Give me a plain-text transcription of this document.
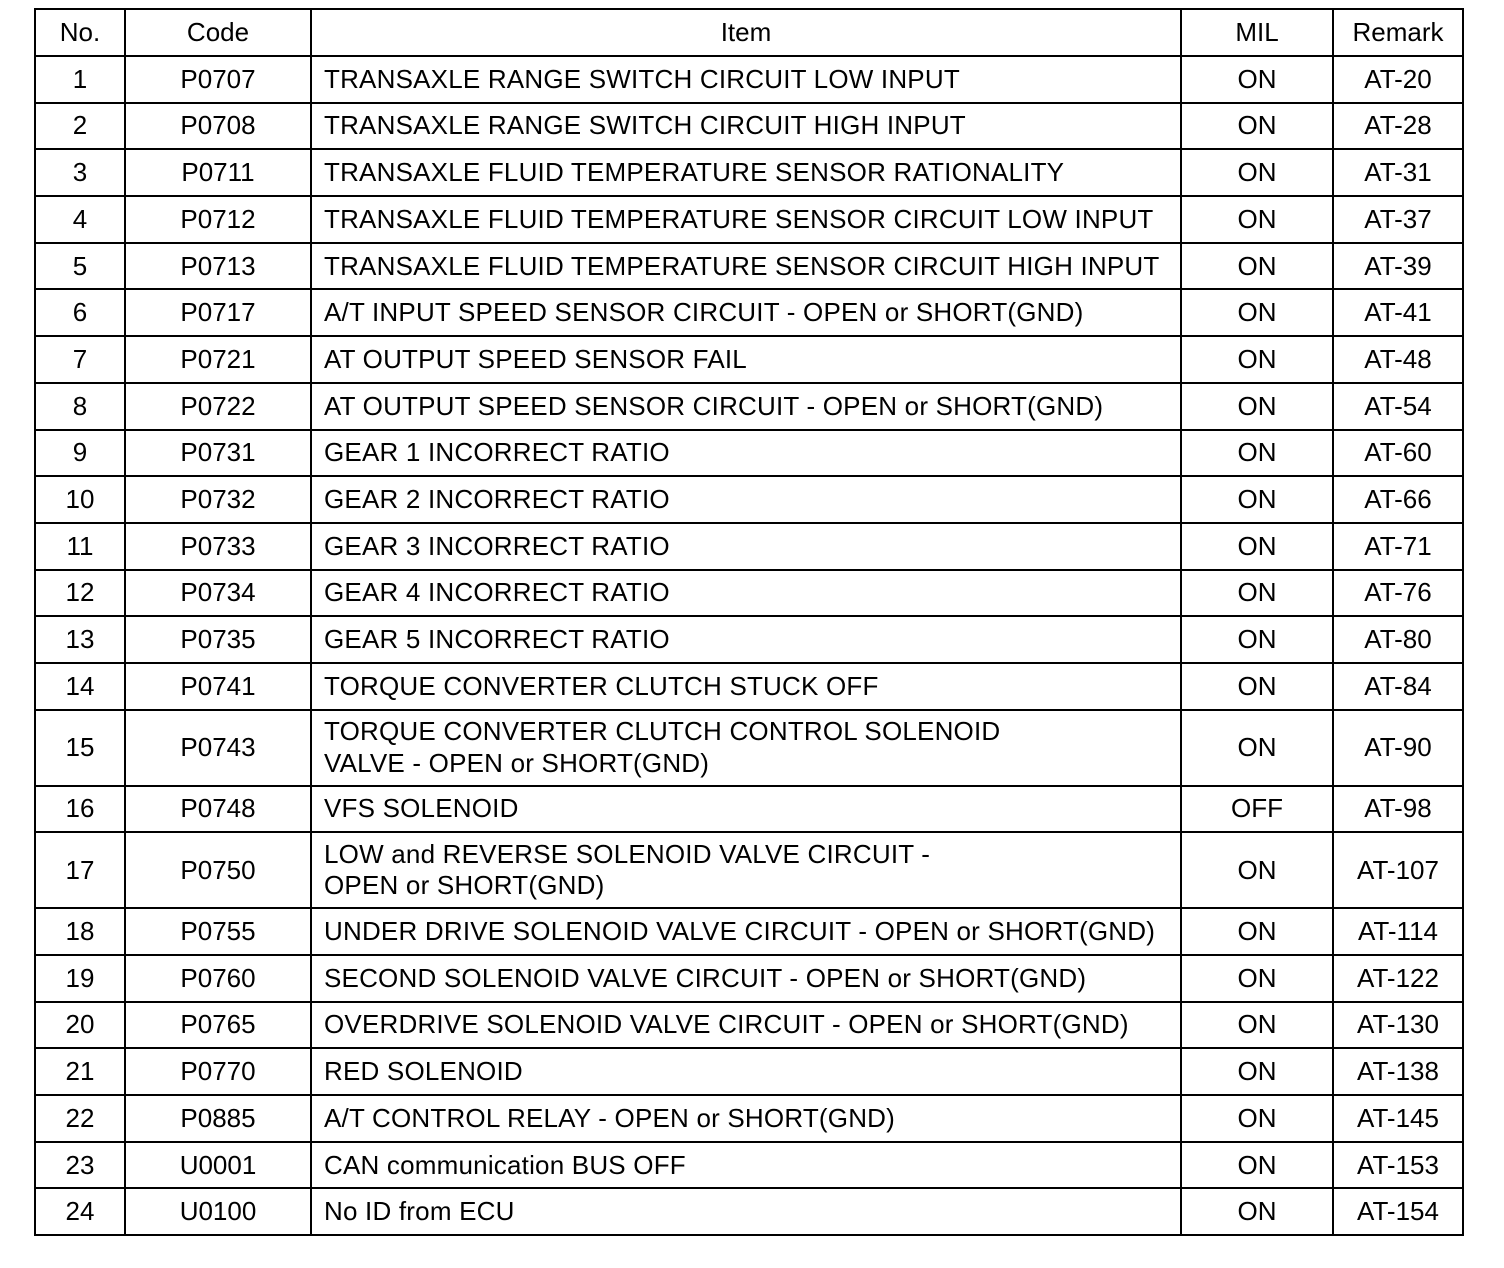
No.	Code	Item	MIL	Remark
1	P0707	TRANSAXLE RANGE SWITCH CIRCUIT LOW INPUT	ON	AT-20
2	P0708	TRANSAXLE RANGE SWITCH CIRCUIT HIGH INPUT	ON	AT-28
3	P0711	TRANSAXLE FLUID TEMPERATURE SENSOR RATIONALITY	ON	AT-31
4	P0712	TRANSAXLE FLUID TEMPERATURE SENSOR CIRCUIT LOW INPUT	ON	AT-37
5	P0713	TRANSAXLE FLUID TEMPERATURE SENSOR CIRCUIT HIGH INPUT	ON	AT-39
6	P0717	A/T INPUT SPEED SENSOR CIRCUIT - OPEN or SHORT(GND)	ON	AT-41
7	P0721	AT OUTPUT SPEED SENSOR FAIL	ON	AT-48
8	P0722	AT OUTPUT SPEED SENSOR CIRCUIT - OPEN or SHORT(GND)	ON	AT-54
9	P0731	GEAR 1 INCORRECT RATIO	ON	AT-60
10	P0732	GEAR 2 INCORRECT RATIO	ON	AT-66
11	P0733	GEAR 3 INCORRECT RATIO	ON	AT-71
12	P0734	GEAR 4 INCORRECT RATIO	ON	AT-76
13	P0735	GEAR 5 INCORRECT RATIO	ON	AT-80
14	P0741	TORQUE CONVERTER CLUTCH STUCK OFF	ON	AT-84
15	P0743	TORQUE CONVERTER CLUTCH CONTROL SOLENOID
VALVE - OPEN or SHORT(GND)	ON	AT-90
16	P0748	VFS SOLENOID	OFF	AT-98
17	P0750	LOW and REVERSE SOLENOID VALVE CIRCUIT -
OPEN or SHORT(GND)	ON	AT-107
18	P0755	UNDER DRIVE SOLENOID VALVE CIRCUIT - OPEN or SHORT(GND)	ON	AT-114
19	P0760	SECOND SOLENOID VALVE CIRCUIT - OPEN or SHORT(GND)	ON	AT-122
20	P0765	OVERDRIVE SOLENOID VALVE CIRCUIT - OPEN or SHORT(GND)	ON	AT-130
21	P0770	RED SOLENOID	ON	AT-138
22	P0885	A/T CONTROL RELAY - OPEN or SHORT(GND)	ON	AT-145
23	U0001	CAN communication BUS OFF	ON	AT-153
24	U0100	No ID from ECU	ON	AT-154
